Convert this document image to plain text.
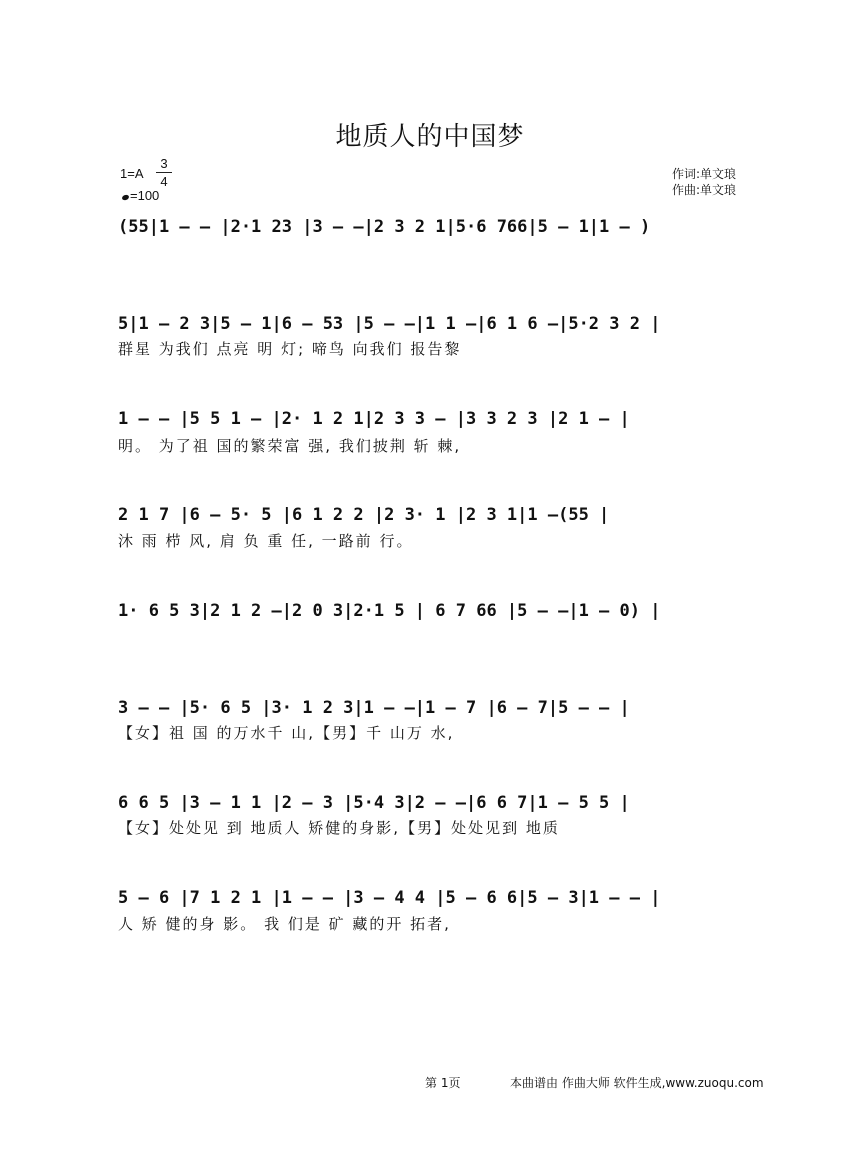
地质人的中国梦
1=A
3
4
=100
作词:单文琅
作曲:单文琅
(55|1 – – |2·1 23 |3 – –|2 3 2 1|5·6 766|5 – 1|1 – )
5|1 – 2 3|5 – 1|6 – 53 |5 – –|1 1 –|6 1 6 –|5·2 3 2 |
群星 为我们 点亮 明 灯; 啼鸟 向我们 报告黎
1 – – |5 5 1 – |2· 1 2 1|2 3 3 – |3 3 2 3 |2 1 – |
明。 为了祖 国的繁荣富 强, 我们披荆 斩 棘,
2 1 7 |6 – 5· 5 |6 1 2 2 |2 3· 1 |2 3 1|1 –(55 |
沐 雨 栉 风, 肩 负 重 任, 一路前 行。
1· 6 5 3|2 1 2 –|2 0 3|2·1 5 | 6 7 66 |5 – –|1 – 0) |
3 – – |5· 6 5 |3· 1 2 3|1 – –|1 – 7 |6 – 7|5 – – |
【女】祖 国 的万水千 山,【男】千 山万 水,
6 6 5 |3 – 1 1 |2 – 3 |5·4 3|2 – –|6 6 7|1 – 5 5 |
【女】处处见 到 地质人 矫健的身影,【男】处处见到 地质
5 – 6 |7 1 2 1 |1 – – |3 – 4 4 |5 – 6 6|5 – 3|1 – – |
人 矫 健的身 影。 我 们是 矿 藏的开 拓者,
第 1页	本曲谱由 作曲大师 软件生成,www.zuoqu.com
